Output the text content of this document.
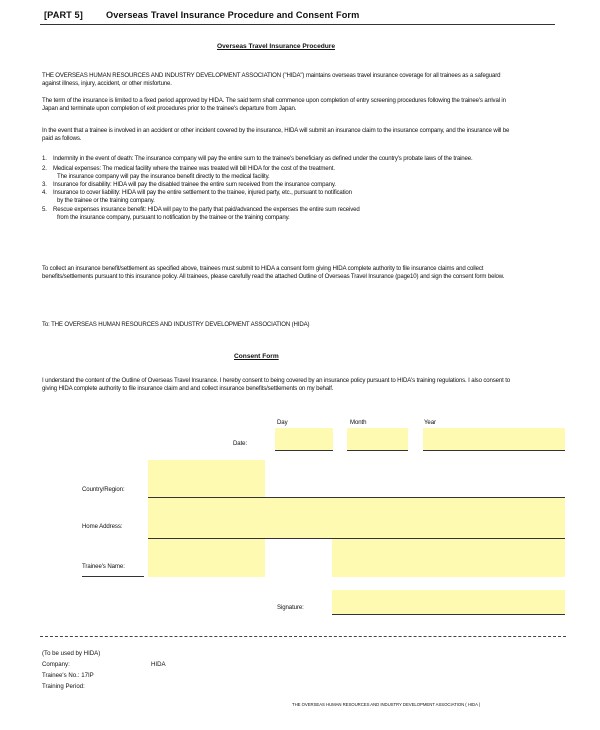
[PART 5]	Overseas Travel Insurance Procedure and Consent Form
Overseas Travel Insurance Procedure
THE OVERSEAS HUMAN RESOURCES AND INDUSTRY DEVELOPMENT ASSOCIATION ("HIDA") maintains overseas travel insurance coverage for all trainees as a safeguard against illness, injury, accident, or other misfortune.
The term of the insurance is limited to a fixed period approved by HIDA. The said term shall commence upon completion of entry screening procedures following the trainee's arrival in Japan and terminate upon completion of exit procedures prior to the trainee's departure from Japan.
In the event that a trainee is involved in an accident or other incident covered by the insurance, HIDA will submit an insurance claim to the insurance company, and the insurance will be paid as follows.
1. Indemnity in the event of death: The insurance company will pay the entire sum to the trainee's beneficiary as defined under the country's probate laws of the trainee.
2. Medical expenses: The medical facility where the trainee was treated will bill HIDA for the cost of the treatment.
The insurance company will pay the insurance benefit directly to the medical facility.
3. Insurance for disability: HIDA will pay the disabled trainee the entire sum received from the insurance company.
4. Insurance to cover liability: HIDA will pay the entire settlement to the trainee, injured party, etc., pursuant to notification
by the trainee or the training company.
5. Rescue expenses insurance benefit: HIDA will pay to the party that paid/advanced the expenses the entire sum received
from the insurance company, pursuant to notification by the trainee or the training company.
To collect an insurance benefit/settlement as specified above, trainees must submit to HIDA a consent form giving HIDA complete authority to file insurance claims and collect benefits/settlements pursuant to this insurance policy. All trainees, please carefully read the attached Outline of Overseas Travel Insurance (page10) and sign the consent form below.
To: THE OVERSEAS HUMAN RESOURCES AND INDUSTRY DEVELOPMENT ASSOCIATION (HIDA)
Consent Form
I understand the content of the Outline of Overseas Travel Insurance. I hereby consent to being covered by an insurance policy pursuant to HIDA's training regulations. I also consent to giving HIDA complete authority to file insurance claim and and collect insurance benefits/settlements on my behalf.
Day	Month	Year
Date:
Country/Region:
Home Address:
Trainee's Name:
Signature:
(To be used by HIDA)
Company:	HIDA
Trainee's No.: 17IP
Training Period:
THE OVERSEAS HUMAN RESOURCES AND INDUSTRY DEVELOPMENT ASSOCIATION ( HIDA )
